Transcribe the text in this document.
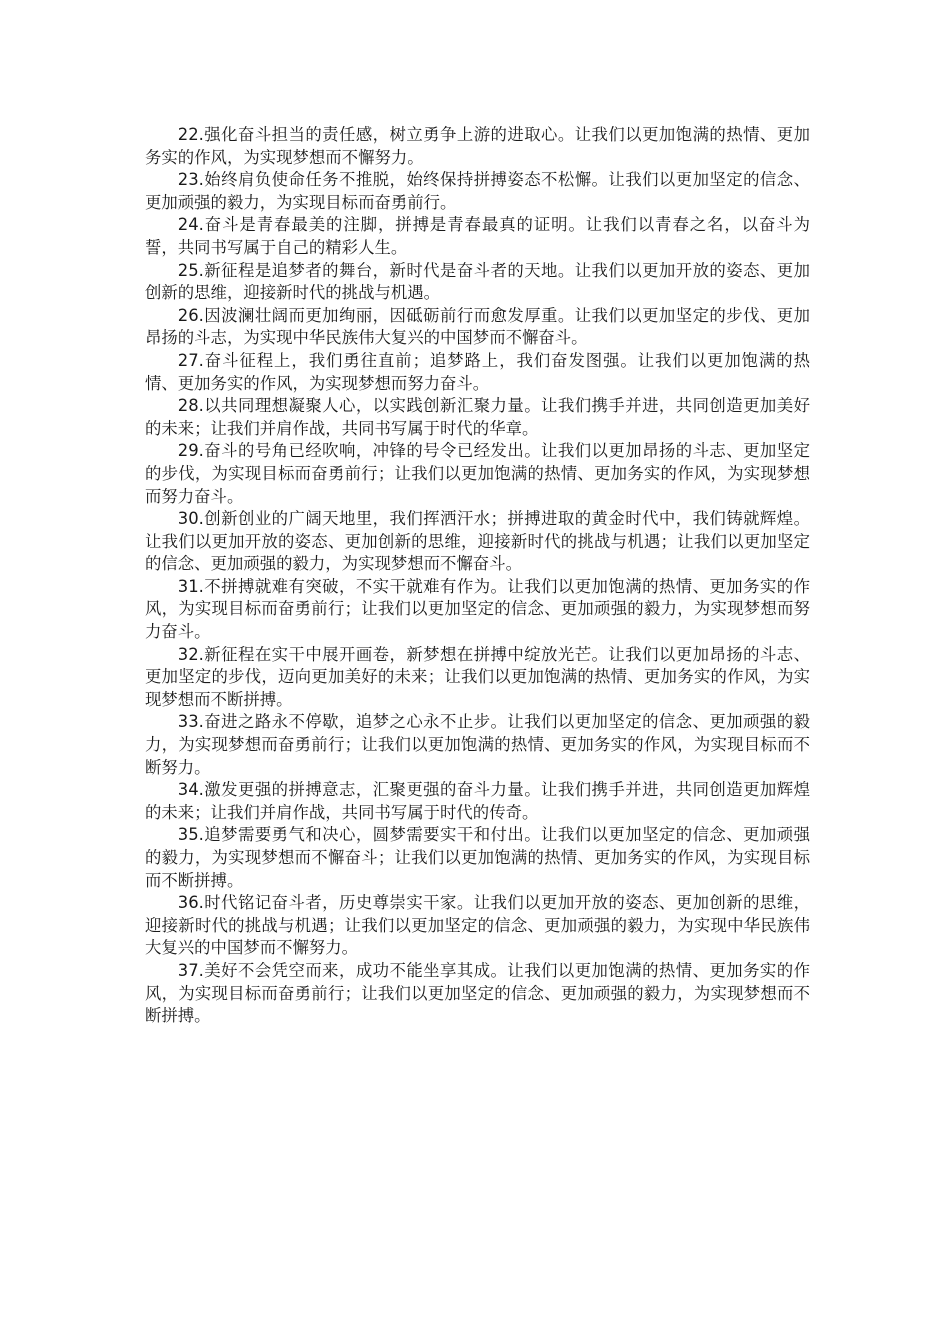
22.强化奋斗担当的责任感，树立勇争上游的进取心。让我们以更加饱满的热情、更加务实的作风，为实现梦想而不懈努力。

23.始终肩负使命任务不推脱，始终保持拼搏姿态不松懈。让我们以更加坚定的信念、更加顽强的毅力，为实现目标而奋勇前行。

24.奋斗是青春最美的注脚，拼搏是青春最真的证明。让我们以青春之名，以奋斗为誓，共同书写属于自己的精彩人生。

25.新征程是追梦者的舞台，新时代是奋斗者的天地。让我们以更加开放的姿态、更加创新的思维，迎接新时代的挑战与机遇。

26.因波澜壮阔而更加绚丽，因砥砺前行而愈发厚重。让我们以更加坚定的步伐、更加昂扬的斗志，为实现中华民族伟大复兴的中国梦而不懈奋斗。

27.奋斗征程上，我们勇往直前；追梦路上，我们奋发图强。让我们以更加饱满的热情、更加务实的作风，为实现梦想而努力奋斗。

28.以共同理想凝聚人心，以实践创新汇聚力量。让我们携手并进，共同创造更加美好的未来；让我们并肩作战，共同书写属于时代的华章。

29.奋斗的号角已经吹响，冲锋的号令已经发出。让我们以更加昂扬的斗志、更加坚定的步伐，为实现目标而奋勇前行；让我们以更加饱满的热情、更加务实的作风，为实现梦想而努力奋斗。

30.创新创业的广阔天地里，我们挥洒汗水；拼搏进取的黄金时代中，我们铸就辉煌。让我们以更加开放的姿态、更加创新的思维，迎接新时代的挑战与机遇；让我们以更加坚定的信念、更加顽强的毅力，为实现梦想而不懈奋斗。

31.不拼搏就难有突破，不实干就难有作为。让我们以更加饱满的热情、更加务实的作风，为实现目标而奋勇前行；让我们以更加坚定的信念、更加顽强的毅力，为实现梦想而努力奋斗。

32.新征程在实干中展开画卷，新梦想在拼搏中绽放光芒。让我们以更加昂扬的斗志、更加坚定的步伐，迈向更加美好的未来；让我们以更加饱满的热情、更加务实的作风，为实现梦想而不断拼搏。

33.奋进之路永不停歇，追梦之心永不止步。让我们以更加坚定的信念、更加顽强的毅力，为实现梦想而奋勇前行；让我们以更加饱满的热情、更加务实的作风，为实现目标而不断努力。

34.激发更强的拼搏意志，汇聚更强的奋斗力量。让我们携手并进，共同创造更加辉煌的未来；让我们并肩作战，共同书写属于时代的传奇。

35.追梦需要勇气和决心，圆梦需要实干和付出。让我们以更加坚定的信念、更加顽强的毅力，为实现梦想而不懈奋斗；让我们以更加饱满的热情、更加务实的作风，为实现目标而不断拼搏。

36.时代铭记奋斗者，历史尊崇实干家。让我们以更加开放的姿态、更加创新的思维，迎接新时代的挑战与机遇；让我们以更加坚定的信念、更加顽强的毅力，为实现中华民族伟大复兴的中国梦而不懈努力。

37.美好不会凭空而来，成功不能坐享其成。让我们以更加饱满的热情、更加务实的作风，为实现目标而奋勇前行；让我们以更加坚定的信念、更加顽强的毅力，为实现梦想而不断拼搏。
